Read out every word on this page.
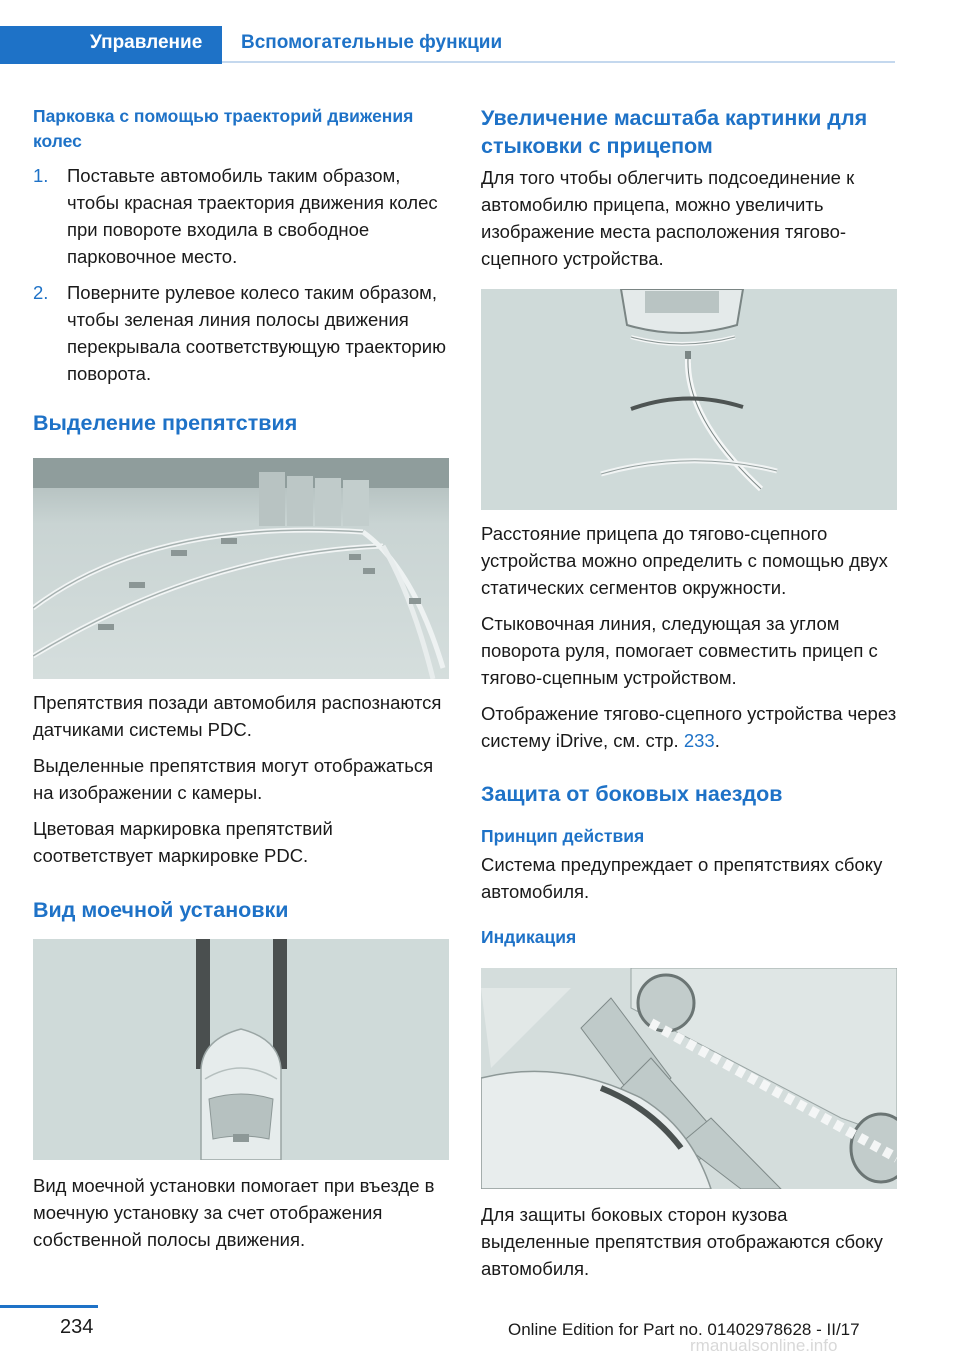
Управление	Вспомогательные функции
Парковка с помощью траекторий движения колес
1.	Поставьте автомобиль таким образом, чтобы красная траектория движения колес при повороте входила в свободное парковочное место.
2.	Поверните рулевое колесо таким образом, чтобы зеленая линия полосы движения перекрывала соответствующую траекторию поворота.
Выделение препятствия
Препятствия позади автомобиля распознаются датчиками системы PDC.
Выделенные препятствия могут отображаться на изображении с камеры.
Цветовая маркировка препятствий соответствует маркировке PDC.
Вид моечной установки
Вид моечной установки помогает при въезде в моечную установку за счет отображения собственной полосы движения.
Увеличение масштаба картинки для стыковки с прицепом
Для того чтобы облегчить подсоединение к автомобилю прицепа, можно увеличить изображение места расположения тягово-сцепного устройства.
Расстояние прицепа до тягово-сцепного устройства можно определить с помощью двух статических сегментов окружности.
Стыковочная линия, следующая за углом поворота руля, помогает совместить прицеп с тягово-сцепным устройством.
Отображение тягово-сцепного устройства через систему iDrive, см. стр. 233.
Защита от боковых наездов
Принцип действия
Система предупреждает о препятствиях сбоку автомобиля.
Индикация
Для защиты боковых сторон кузова выделенные препятствия отображаются сбоку автомобиля.
234	Online Edition for Part no. 01402978628 - II/17
rmanualsonline.info
